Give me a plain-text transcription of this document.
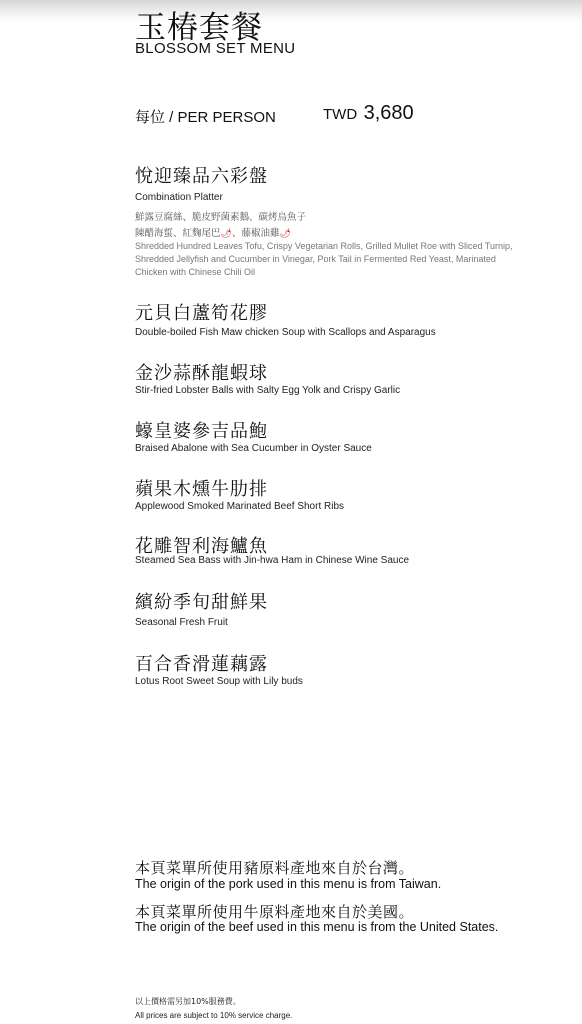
玉椿套餐
BLOSSOM SET MENU
每位 / PER PERSON	TWD 3,680
悅迎臻品六彩盤
Combination Platter
鮮露豆腐絲、脆皮野菌素鵝、碳烤烏魚子
陳醋海蜇、紅麴尾巴🌶︎、藤椒油雞🌶︎
Shredded Hundred Leaves Tofu, Crispy Vegetarian Rolls, Grilled Mullet Roe with Sliced Turnip, Shredded Jellyfish and Cucumber in Vinegar, Pork Tail in Fermented Red Yeast, Marinated Chicken with Chinese Chili Oil
元貝白蘆筍花膠
Double-boiled Fish Maw chicken Soup with Scallops and Asparagus
金沙蒜酥龍蝦球
Stir-fried Lobster Balls with Salty Egg Yolk and Crispy Garlic
蠔皇婆參吉品鮑
Braised Abalone with Sea Cucumber in Oyster Sauce
蘋果木燻牛肋排
Applewood Smoked Marinated Beef Short Ribs
花雕智利海鱸魚
Steamed Sea Bass with Jin-hwa Ham in Chinese Wine Sauce
繽紛季旬甜鮮果
Seasonal Fresh Fruit
百合香滑蓮藕露
Lotus Root Sweet Soup with Lily buds
本頁菜單所使用豬原料產地來自於台灣。
The origin of the pork used in this menu is from Taiwan.
本頁菜單所使用牛原料產地來自於美國。
The origin of the beef used in this menu is from the United States.
以上價格需另加10%服務費。
All prices are subject to 10% service charge.
